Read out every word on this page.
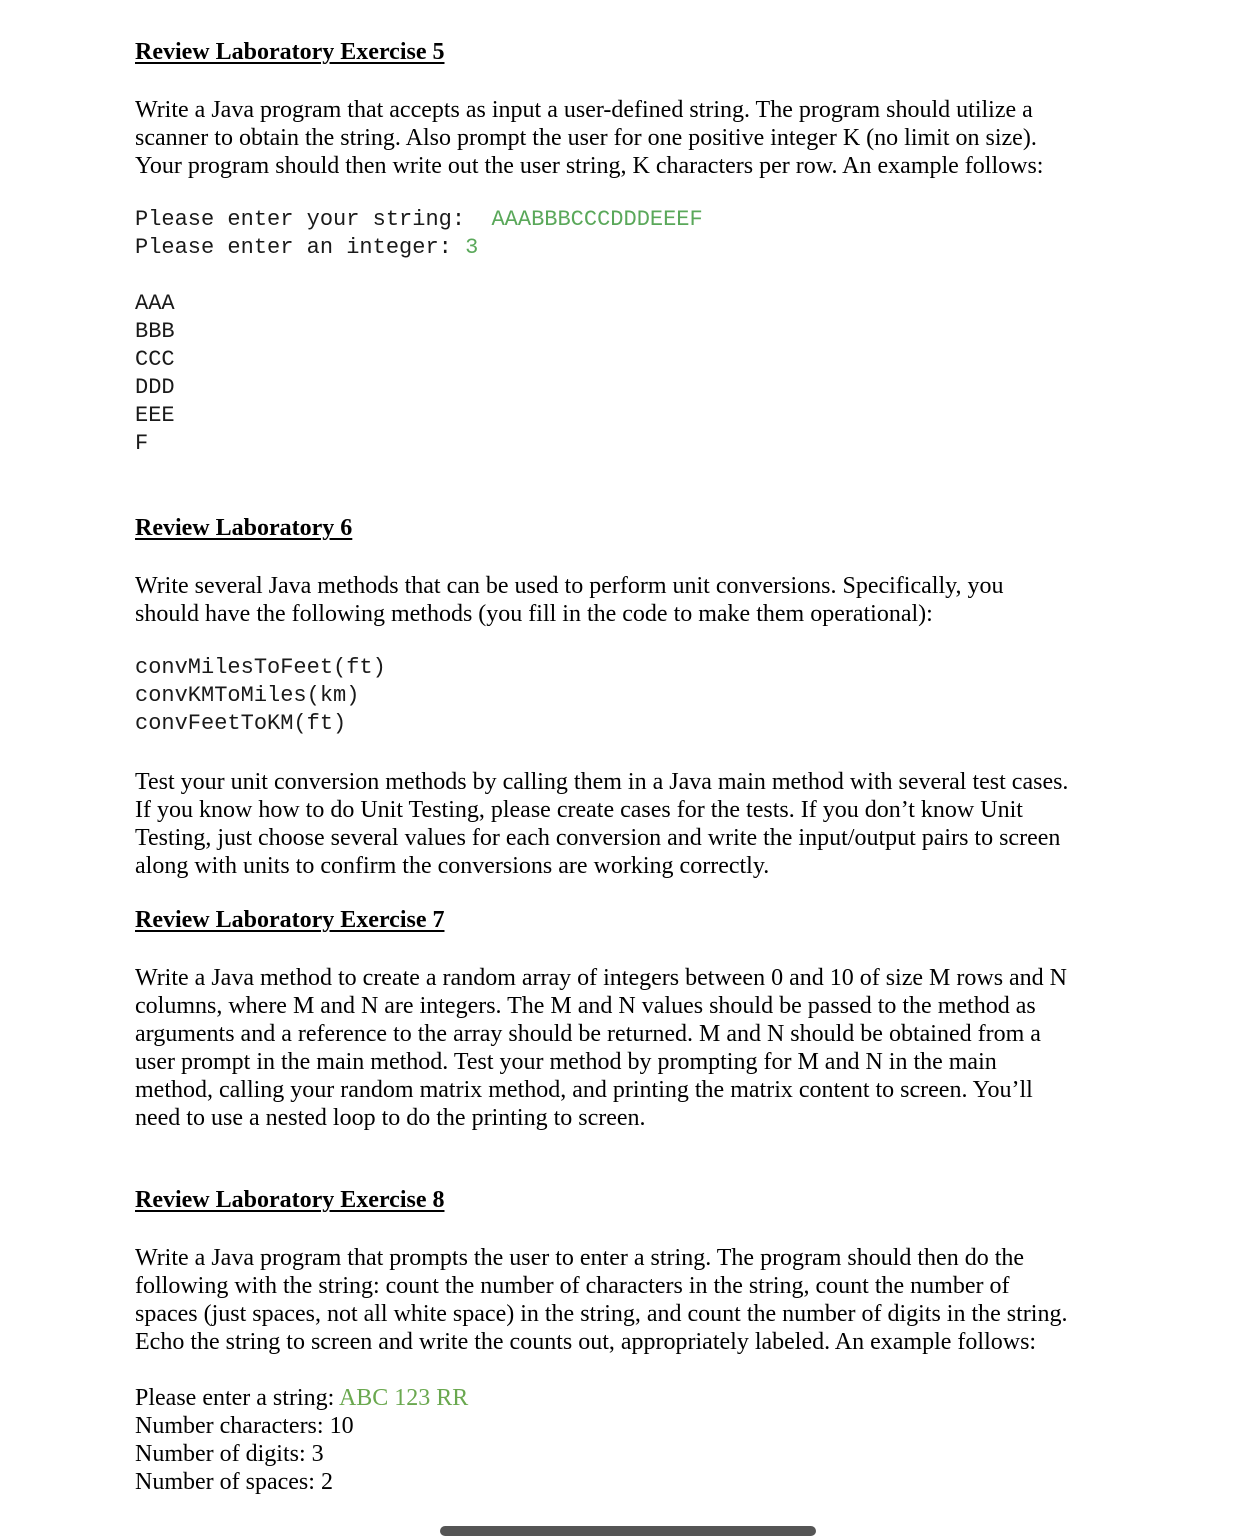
Review Laboratory Exercise 5
Write a Java program that accepts as input a user-defined string. The program should utilize a
scanner to obtain the string. Also prompt the user for one positive integer K (no limit on size).
Your program should then write out the user string, K characters per row. An example follows:
Please enter your string:  AAABBBCCCDDDEEEF
Please enter an integer: 3
AAA
BBB
CCC
DDD
EEE
F
Review Laboratory 6
Write several Java methods that can be used to perform unit conversions. Specifically, you
should have the following methods (you fill in the code to make them operational):
convMilesToFeet(ft)
convKMToMiles(km)
convFeetToKM(ft)
Test your unit conversion methods by calling them in a Java main method with several test cases.
If you know how to do Unit Testing, please create cases for the tests. If you don’t know Unit
Testing, just choose several values for each conversion and write the input/output pairs to screen
along with units to confirm the conversions are working correctly.
Review Laboratory Exercise 7
Write a Java method to create a random array of integers between 0 and 10 of size M rows and N
columns, where M and N are integers. The M and N values should be passed to the method as
arguments and a reference to the array should be returned. M and N should be obtained from a
user prompt in the main method. Test your method by prompting for M and N in the main
method, calling your random matrix method, and printing the matrix content to screen. You’ll
need to use a nested loop to do the printing to screen.
Review Laboratory Exercise 8
Write a Java program that prompts the user to enter a string. The program should then do the
following with the string: count the number of characters in the string, count the number of
spaces (just spaces, not all white space) in the string, and count the number of digits in the string.
Echo the string to screen and write the counts out, appropriately labeled. An example follows:
Please enter a string: ABC 123 RR
Number characters: 10
Number of digits: 3
Number of spaces: 2
